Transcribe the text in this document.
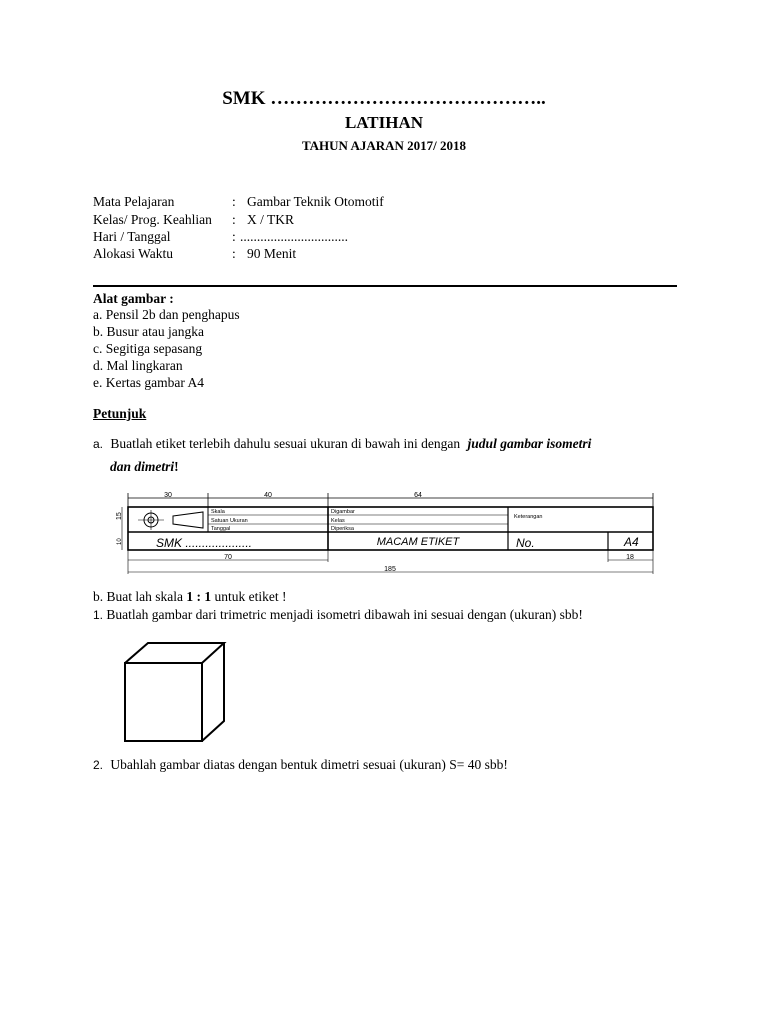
SMK ……………………………………..
LATIHAN
TAHUN AJARAN 2017/ 2018
Mata Pelajaran	: Gambar Teknik Otomotif
Kelas/ Prog. Keahlian : X / TKR
Hari / Tanggal	: ................................
Alokasi Waktu	: 90 Menit
Alat gambar :
a. Pensil 2b dan penghapus
b. Busur atau jangka
c. Segitiga sepasang
d. Mal lingkaran
e. Kertas gambar A4
Petunjuk
a. Buatlah etiket terlebih dahulu sesuai ukuran di bawah ini dengan judul gambar isometri
dan dimetri!
30	40	64
15
10
Skala
Satuan Ukuran
Tanggal
Digambar
Kelas
Diperiksa
Keterangan
SMK ....................	MACAM ETIKET	No.	A4
70
185
18
b. Buat lah skala 1 : 1 untuk etiket !
1. Buatlah gambar dari trimetric menjadi isometri dibawah ini sesuai dengan (ukuran) sbb!
2. Ubahlah gambar diatas dengan bentuk dimetri sesuai (ukuran) S= 40 sbb!
